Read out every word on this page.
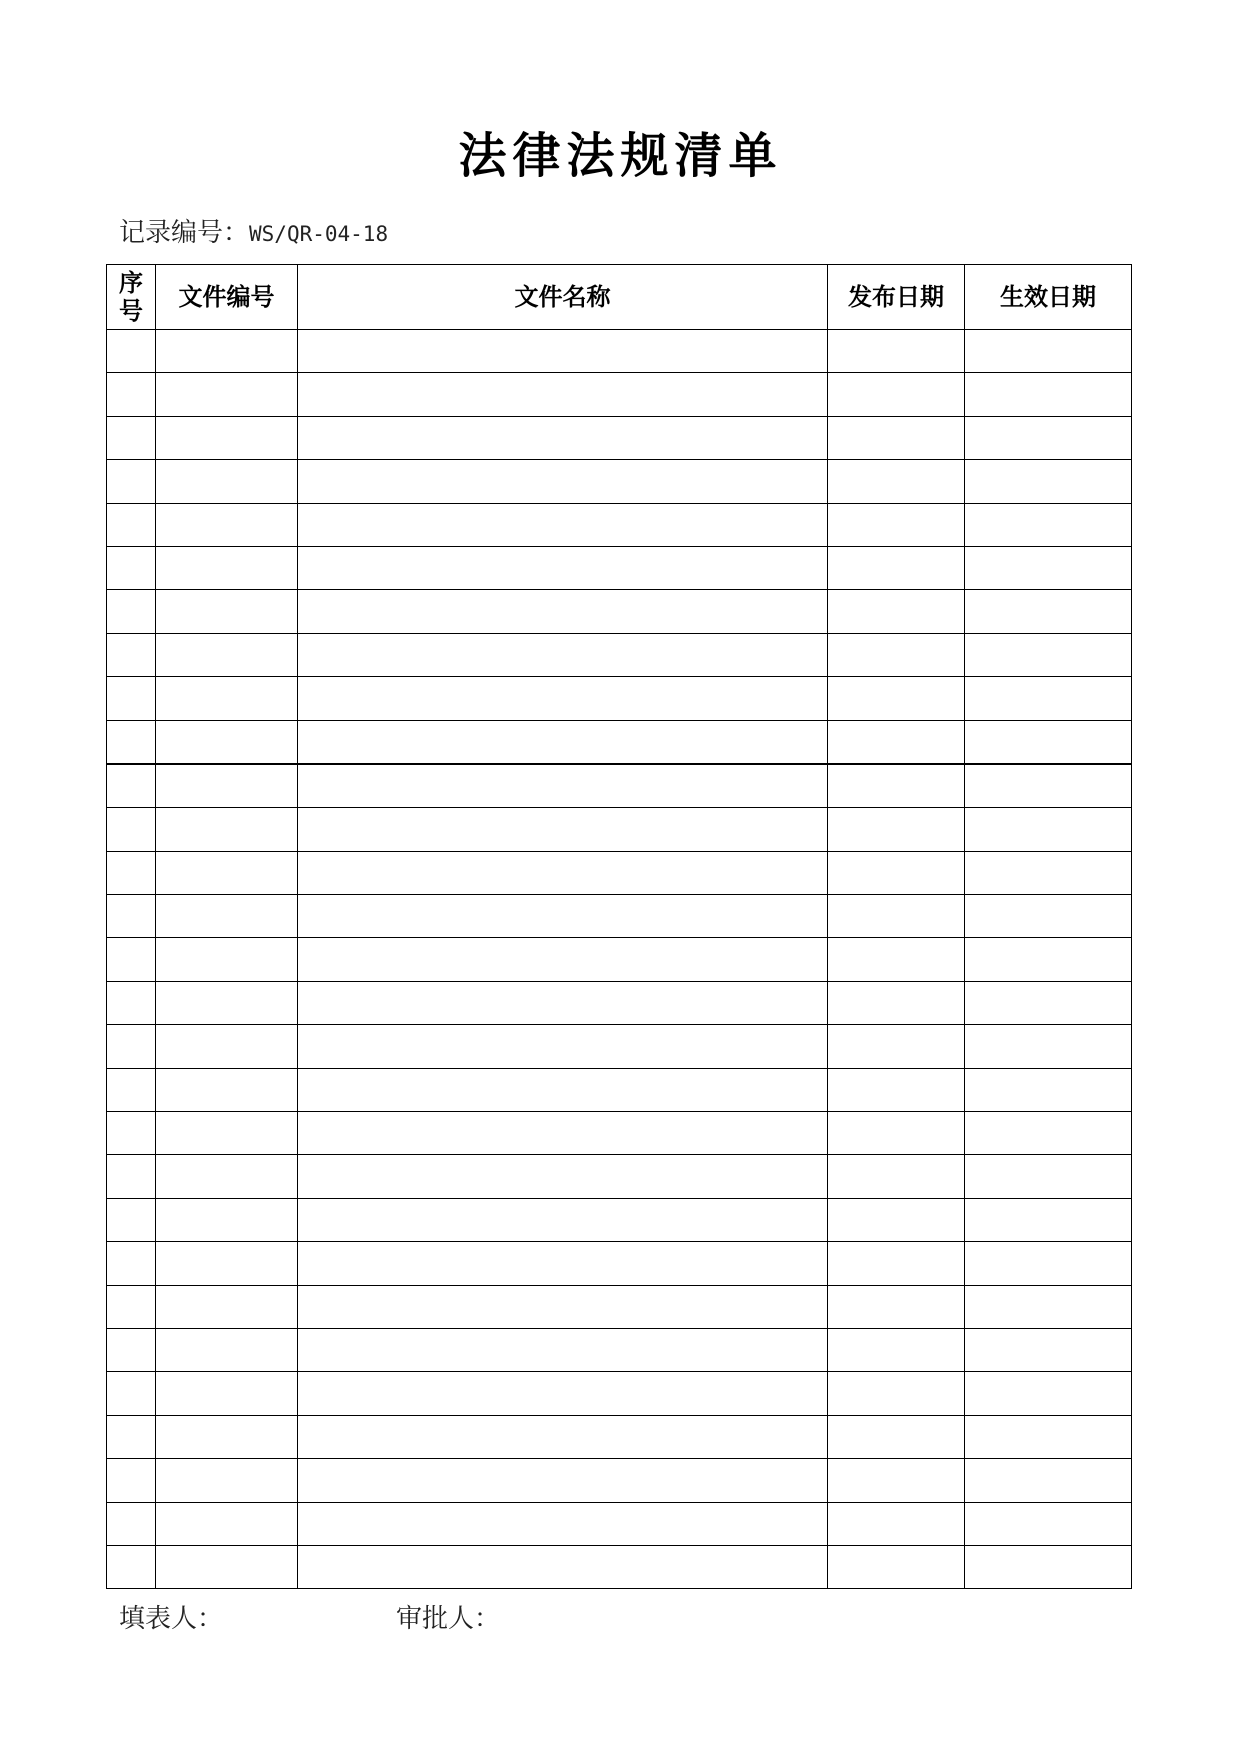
法律法规清单
记录编号：WS/QR-04-18
序
号	文件编号	文件名称	发布日期	生效日期

填表人：	审批人：
